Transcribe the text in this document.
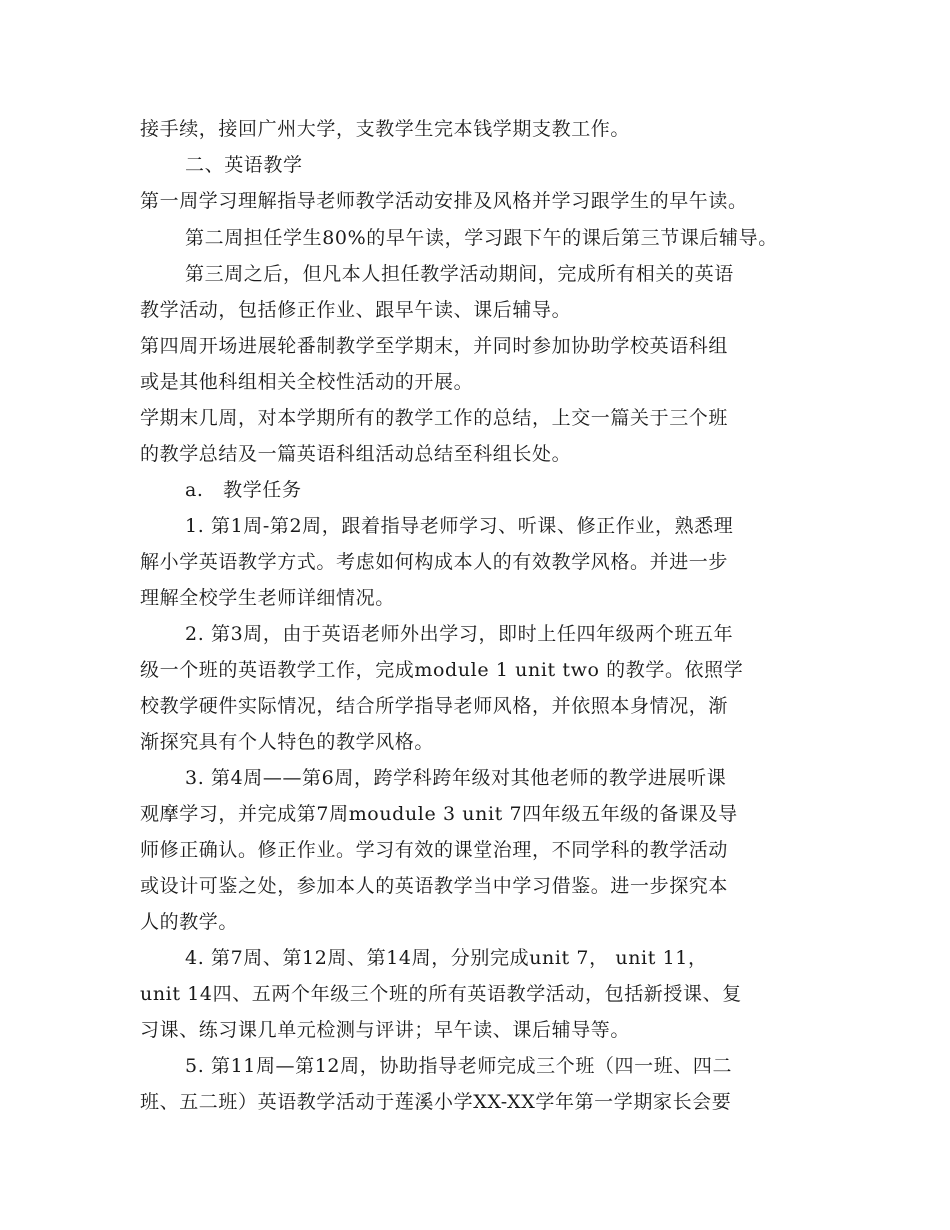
接手续，接回广州大学，支教学生完本钱学期支教工作。
二、英语教学
第一周学习理解指导老师教学活动安排及风格并学习跟学生的早午读。
第二周担任学生80%的早午读，学习跟下午的课后第三节课后辅导。
第三周之后，但凡本人担任教学活动期间，完成所有相关的英语
教学活动，包括修正作业、跟早午读、课后辅导。
第四周开场进展轮番制教学至学期末，并同时参加协助学校英语科组
或是其他科组相关全校性活动的开展。
学期末几周，对本学期所有的教学工作的总结，上交一篇关于三个班
的教学总结及一篇英语科组活动总结至科组长处。
a.　教学任务
1. 第1周-第2周，跟着指导老师学习、听课、修正作业，熟悉理
解小学英语教学方式。考虑如何构成本人的有效教学风格。并进一步
理解全校学生老师详细情况。
2. 第3周，由于英语老师外出学习，即时上任四年级两个班五年
级一个班的英语教学工作，完成module 1 unit two 的教学。依照学
校教学硬件实际情况，结合所学指导老师风格，并依照本身情况，渐
渐探究具有个人特色的教学风格。
3. 第4周——第6周，跨学科跨年级对其他老师的教学进展听课
观摩学习，并完成第7周moudule 3 unit 7四年级五年级的备课及导
师修正确认。修正作业。学习有效的课堂治理，不同学科的教学活动
或设计可鉴之处，参加本人的英语教学当中学习借鉴。进一步探究本
人的教学。
4. 第7周、第12周、第14周，分别完成unit 7， unit 11，
unit 14四、五两个年级三个班的所有英语教学活动，包括新授课、复
习课、练习课几单元检测与评讲；早午读、课后辅导等。
5. 第11周—第12周，协助指导老师完成三个班（四一班、四二
班、五二班）英语教学活动于莲溪小学XX-XX学年第一学期家长会要
